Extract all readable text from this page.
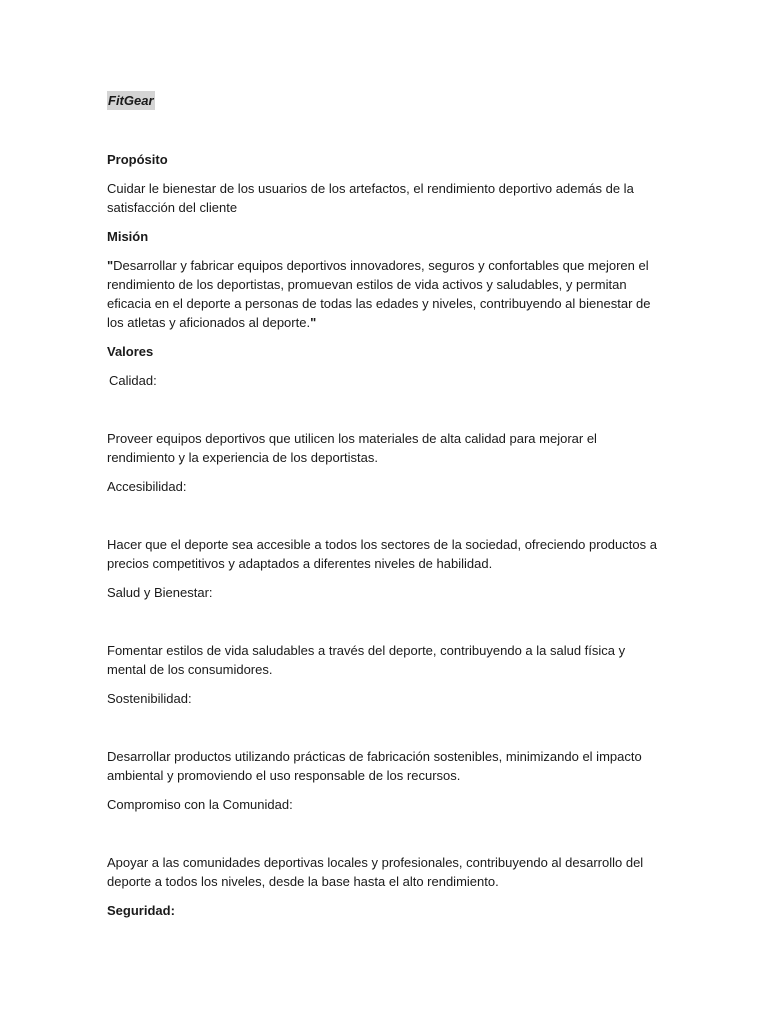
FitGear

Propósito

Cuidar le bienestar de los usuarios de los artefactos, el rendimiento deportivo además de la satisfacción del cliente

Misión

"Desarrollar y fabricar equipos deportivos innovadores, seguros y confortables que mejoren el rendimiento de los deportistas, promuevan estilos de vida activos y saludables, y permitan eficacia en el deporte a personas de todas las edades y niveles, contribuyendo al bienestar de los atletas y aficionados al deporte."

Valores

Calidad:

Proveer equipos deportivos que utilicen los materiales de alta calidad para mejorar el rendimiento y la experiencia de los deportistas.

Accesibilidad:

Hacer que el deporte sea accesible a todos los sectores de la sociedad, ofreciendo productos a precios competitivos y adaptados a diferentes niveles de habilidad.

Salud y Bienestar:

Fomentar estilos de vida saludables a través del deporte, contribuyendo a la salud física y mental de los consumidores.

Sostenibilidad:

Desarrollar productos utilizando prácticas de fabricación sostenibles, minimizando el impacto ambiental y promoviendo el uso responsable de los recursos.

Compromiso con la Comunidad:

Apoyar a las comunidades deportivas locales y profesionales, contribuyendo al desarrollo del deporte a todos los niveles, desde la base hasta el alto rendimiento.

Seguridad:
